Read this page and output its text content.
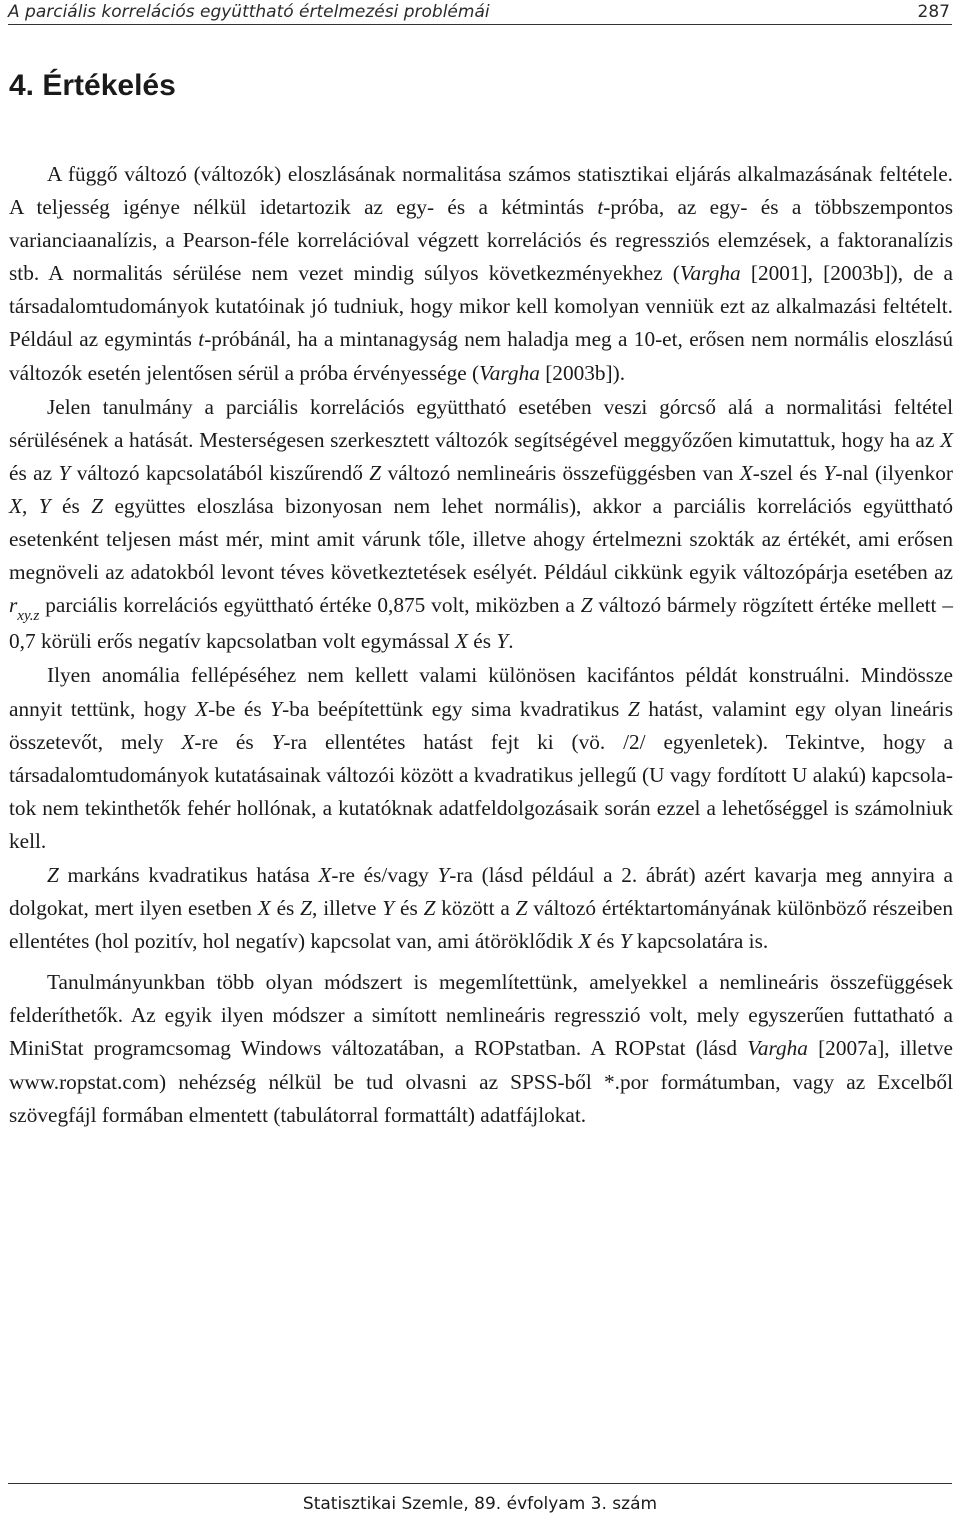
A parciális korrelációs együttható értelmezési problémái	287
4. Értékelés

A függő változó (változók) eloszlásának normalitása számos statisztikai eljárás alkalmazásának feltétele. A teljesség igénye nélkül idetartozik az egy- és a kétmintás t-próba, az egy- és a többszempontos varianciaanalízis, a Pearson-féle korrelációval végzett korrelációs és regressziós elemzések, a faktoranalízis stb. A normalitás sérülése nem vezet mindig súlyos következményekhez (Vargha [2001], [2003b]), de a társadalomtudományok kutatóinak jó tudniuk, hogy mikor kell komolyan venniük ezt az alkalmazási feltételt. Például az egymintás t-próbánál, ha a mintanagyság nem haladja meg a 10-et, erősen nem normális eloszlású változók esetén jelentősen sérül a próba érvényessége (Vargha [2003b]).

Jelen tanulmány a parciális korrelációs együttható esetében veszi górcső alá a normalitási feltétel sérülésének a hatását. Mesterségesen szerkesztett változók segítségével meggyőzően kimutattuk, hogy ha az X és az Y változó kapcsolatából kiszűrendő Z változó nemlineáris összefüggésben van X-szel és Y-nal (ilyenkor X, Y és Z együttes eloszlása bizonyosan nem lehet normális), akkor a parciális korrelációs együttható esetenként teljesen mást mér, mint amit várunk tőle, illetve ahogy értelmezni szokták az értékét, ami erősen megnöveli az adatokból levont téves következtetések esélyét. Például cikkünk egyik változópárja esetében az $r_{xy.z}$ parciális korrelációs együttható értéke 0,875 volt, miközben a Z változó bármely rögzített értéke mellett –0,7 körüli erős negatív kapcsolatban volt egymással X és Y.

Ilyen anomália fellépéséhez nem kellett valami különösen kacifántos példát konstruálni. Mindössze annyit tettünk, hogy X-be és Y-ba beépítettünk egy sima kvadratikus Z hatást, valamint egy olyan lineáris összetevőt, mely X-re és Y-ra ellentétes hatást fejt ki (vö. /2/ egyenletek). Tekintve, hogy a társadalomtudományok kutatásainak változói között a kvadratikus jellegű (U vagy fordított U alakú) kapcsolatok nem tekinthetők fehér hollónak, a kutatóknak adatfeldolgozásaik során ezzel a lehetőséggel is számolniuk kell.

Z markáns kvadratikus hatása X-re és/vagy Y-ra (lásd például a 2. ábrát) azért kavarja meg annyira a dolgokat, mert ilyen esetben X és Z, illetve Y és Z között a Z változó értéktartományának különböző részeiben ellentétes (hol pozitív, hol negatív) kapcsolat van, ami átöröklődik X és Y kapcsolatára is.

Tanulmányunkban több olyan módszert is megemlítettünk, amelyekkel a nemlineáris összefüggések felderíthetők. Az egyik ilyen módszer a simított nemlineáris regresszió volt, mely egyszerűen futtatható a MiniStat programcsomag Windows változatában, a ROPstatban. A ROPstat (lásd Vargha [2007a], illetve www.ropstat.com) nehézség nélkül be tud olvasni az SPSS-ből *.por formátumban, vagy az Excelből szövegfájl formában elmentett (tabulátorral formattált) adatfájlokat.

Statisztikai Szemle, 89. évfolyam 3. szám
